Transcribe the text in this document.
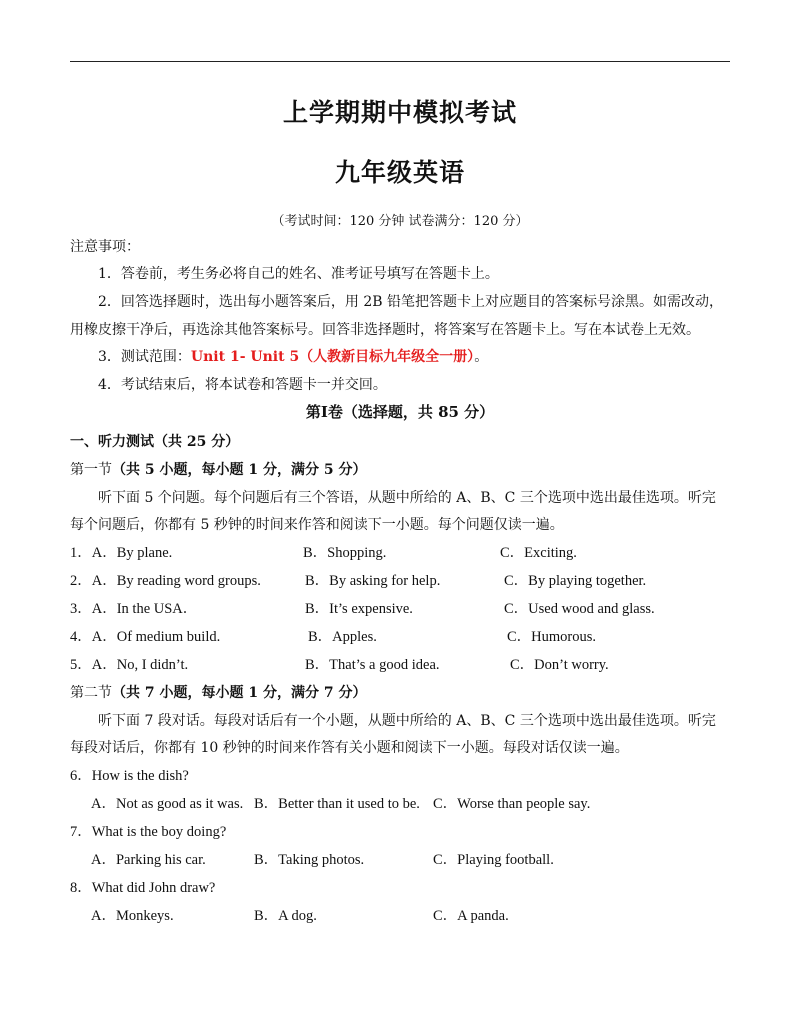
上学期期中模拟考试
九年级英语
（考试时间：120 分钟 试卷满分：120 分）
注意事项：
1．答卷前，考生务必将自己的姓名、准考证号填写在答题卡上。
2．回答选择题时，选出每小题答案后，用 2B 铅笔把答题卡上对应题目的答案标号涂黑。如需改动，
用橡皮擦干净后，再选涂其他答案标号。回答非选择题时，将答案写在答题卡上。写在本试卷上无效。
3．测试范围：Unit 1- Unit 5（人教新目标九年级全一册）。
4．考试结束后，将本试卷和答题卡一并交回。
第Ⅰ卷（选择题，共 85 分）
一、听力测试（共 25 分）
第一节（共 5 小题，每小题 1 分，满分 5 分）
听下面 5 个问题。每个问题后有三个答语，从题中所给的 A、B、C 三个选项中选出最佳选项。听完
每个问题后，你都有 5 秒钟的时间来作答和阅读下一小题。每个问题仅读一遍。
1．A．By plane.	B．Shopping.	C．Exciting.
2．A．By reading word groups.	B．By asking for help.	C．By playing together.
3．A．In the USA．	B．It’s expensive.	C．Used wood and glass.
4．A．Of medium build.	B．Apples.	C．Humorous.
5．A．No, I didn’t.	B．That’s a good idea.	C．Don’t worry.
第二节（共 7 小题，每小题 1 分，满分 7 分）
听下面 7 段对话。每段对话后有一个小题，从题中所给的 A、B、C 三个选项中选出最佳选项。听完
每段对话后，你都有 10 秒钟的时间来作答有关小题和阅读下一小题。每段对话仅读一遍。
6．How is the dish?
A．Not as good as it was. B．Better than it used to be. C．Worse than people say.
7．What is the boy doing?
A．Parking his car.	B．Taking photos.	C．Playing football.
8．What did John draw?
A．Monkeys.	B．A dog.	C．A panda.
